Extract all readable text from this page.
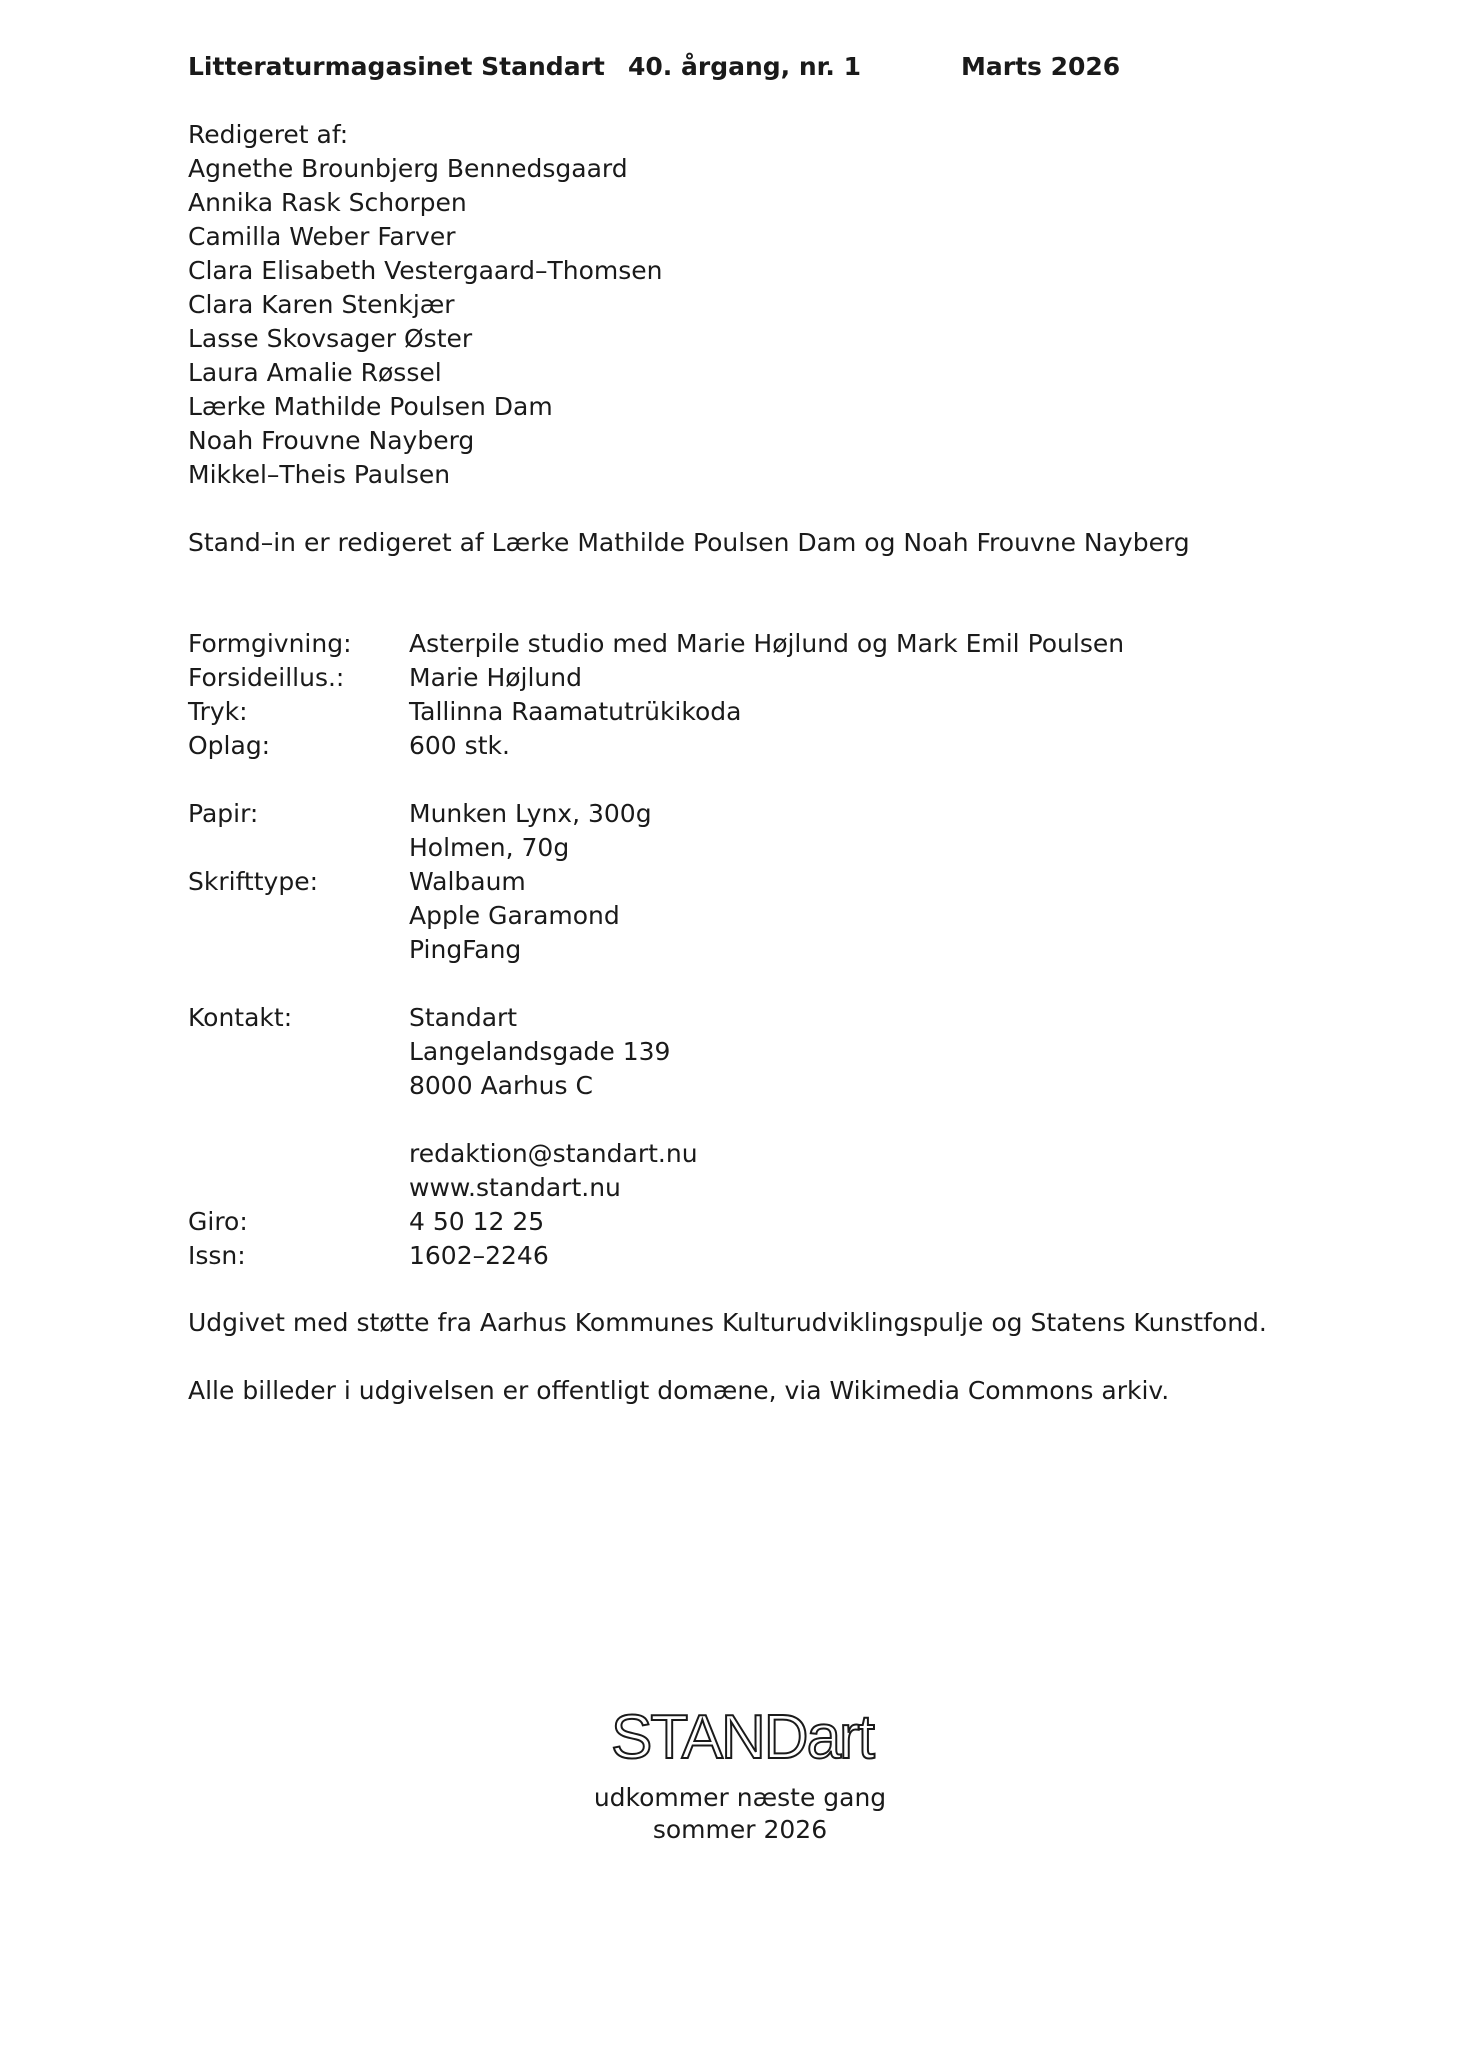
Litteraturmagasinet Standart 40. årgang, nr. 1	Marts 2026
Redigeret af:
Agnethe Brounbjerg Bennedsgaard
Annika Rask Schorpen
Camilla Weber Farver
Clara Elisabeth Vestergaard–Thomsen
Clara Karen Stenkjær
Lasse Skovsager Øster
Laura Amalie Røssel
Lærke Mathilde Poulsen Dam
Noah Frouvne Nayberg
Mikkel–Theis Paulsen
Stand–in er redigeret af Lærke Mathilde Poulsen Dam og Noah Frouvne Nayberg
Formgivning:	Asterpile studio med Marie Højlund og Mark Emil Poulsen
Forsideillus.:	Marie Højlund
Tryk:	Tallinna Raamatutrükikoda
Oplag:	600 stk.
Papir:	Munken Lynx, 300g
Holmen, 70g
Skrifttype:	Walbaum
Apple Garamond
PingFang
Kontakt:	Standart
Langelandsgade 139
8000 Aarhus C
redaktion@standart.nu
www.standart.nu
Giro:	4 50 12 25
Issn:	1602–2246
Udgivet med støtte fra Aarhus Kommunes Kulturudviklingspulje og Statens Kunstfond.
Alle billeder i udgivelsen er offentligt domæne, via Wikimedia Commons arkiv.
STANDart
udkommer næste gang
sommer 2026
